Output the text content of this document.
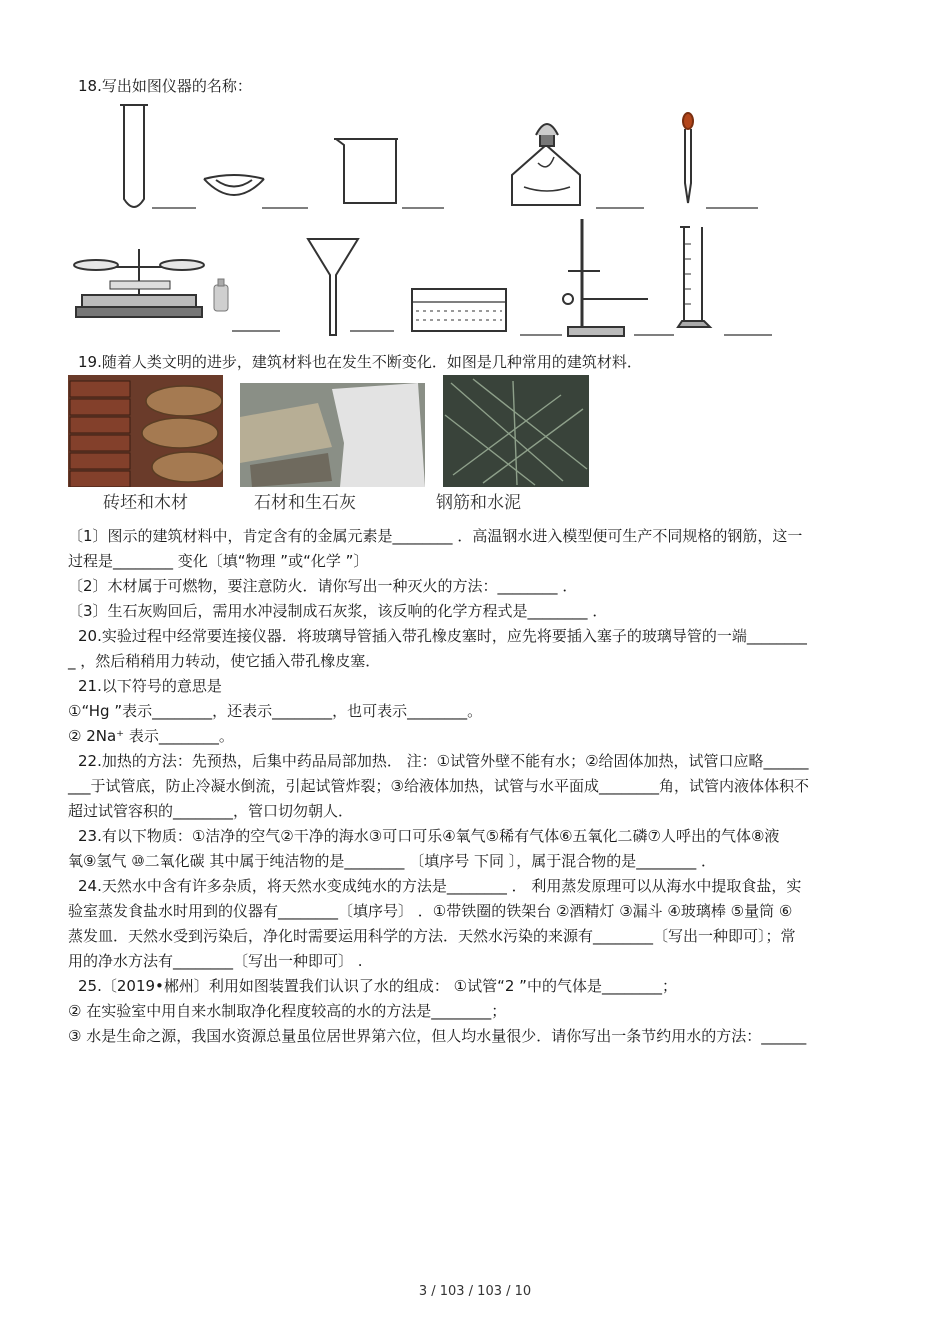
18.写出如图仪器的名称：
19.随着人类文明的进步，建筑材料也在发生不断变化．如图是几种常用的建筑材料．
砖坯和木材	石材和生石灰	钢筋和水泥
〔1〕图示的建筑材料中，肯定含有的金属元素是________ ．高温钢水进入模型便可生产不同规格的钢筋，这一
过程是________ 变化〔填“物理 ”或“化学 ”〕
〔2〕木材属于可燃物，要注意防火．请你写出一种灭火的方法：________ ．
〔3〕生石灰购回后，需用水冲浸制成石灰浆，该反响的化学方程式是________ ．
20.实验过程中经常要连接仪器．将玻璃导管插入带孔橡皮塞时，应先将要插入塞子的玻璃导管的一端________
_ ，然后稍稍用力转动，使它插入带孔橡皮塞．
21.以下符号的意思是
①“Hg ”表示________，还表示________，也可表示________。
② 2Na⁺ 表示________。
22.加热的方法：先预热，后集中药品局部加热． 注：①试管外壁不能有水；②给固体加热，试管口应略______
___于试管底，防止冷凝水倒流，引起试管炸裂；③给液体加热，试管与水平面成________角，试管内液体体积不
超过试管容积的________，管口切勿朝人．
23.有以下物质：①洁净的空气②干净的海水③可口可乐④氧气⑤稀有气体⑥五氧化二磷⑦人呼出的气体⑧液
氧⑨氢气 ⑩二氧化碳 其中属于纯洁物的是________ 〔填序号 下同 〕，属于混合物的是________ ．
24.天然水中含有许多杂质，将天然水变成纯水的方法是________ ． 利用蒸发原理可以从海水中提取食盐，实
验室蒸发食盐水时用到的仪器有________〔填序号〕 ．①带铁圈的铁架台 ②酒精灯 ③漏斗 ④玻璃棒 ⑤量筒 ⑥
蒸发皿．天然水受到污染后，净化时需要运用科学的方法．天然水污染的来源有________〔写出一种即可〕；常
用的净水方法有________〔写出一种即可〕 .
25.〔2019•郴州〕利用如图装置我们认识了水的组成： ①试管“2 ”中的气体是________；
② 在实验室中用自来水制取净化程度较高的水的方法是________；
③ 水是生命之源，我国水资源总量虽位居世界第六位，但人均水量很少．请你写出一条节约用水的方法：______
3 / 103 / 103 / 10
